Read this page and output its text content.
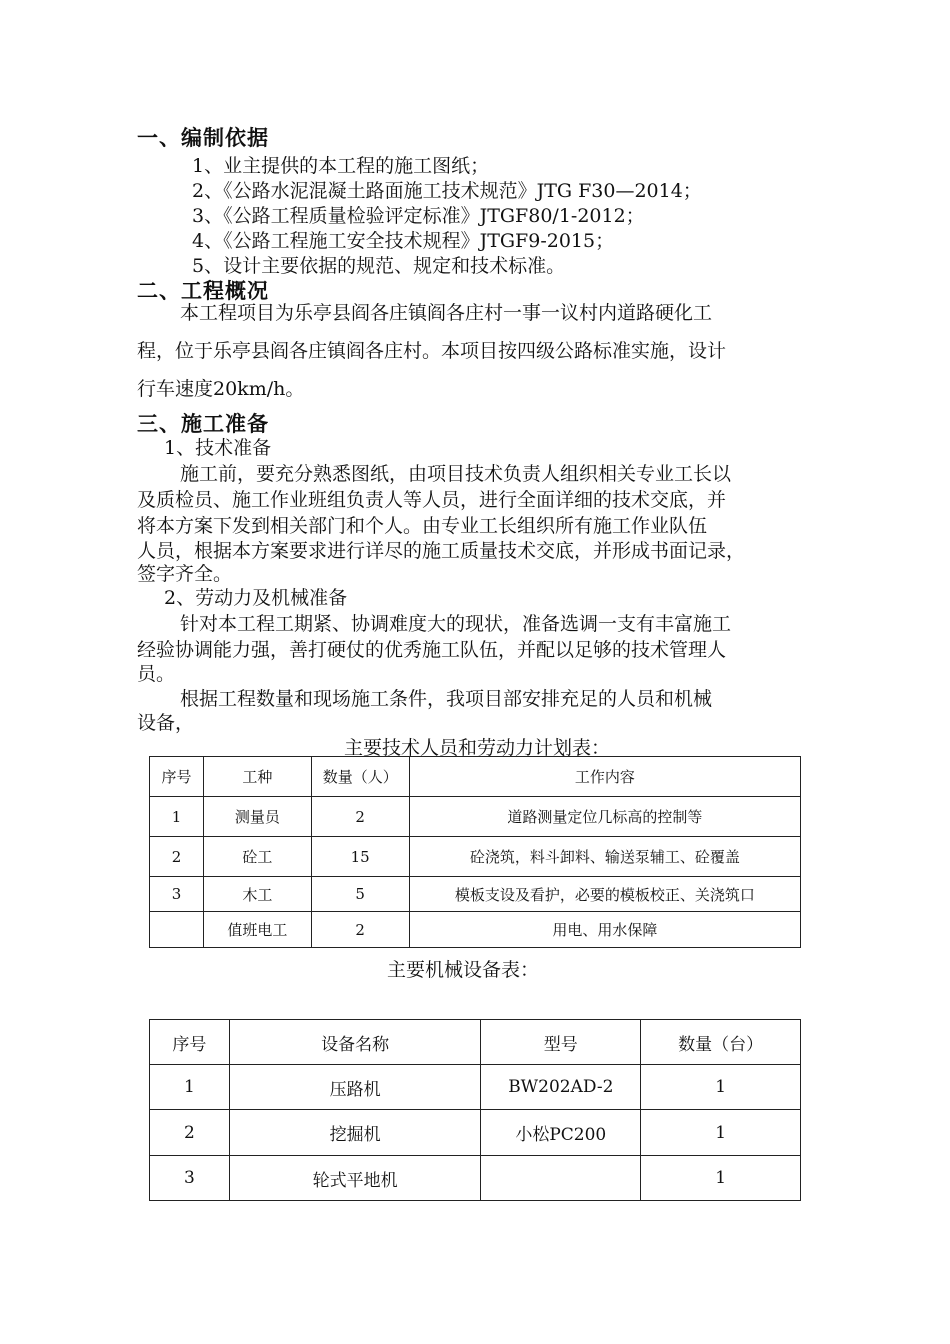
一、编制依据
1、业主提供的本工程的施工图纸；
2、《公路水泥混凝土路面施工技术规范》JTG F30—2014；
3、《公路工程质量检验评定标准》JTGF80/1-2012；
4、《公路工程施工安全技术规程》JTGF9-2015；
5、设计主要依据的规范、规定和技术标准。
二、工程概况
本工程项目为乐亭县阎各庄镇阎各庄村一事一议村内道路硬化工
程，位于乐亭县阎各庄镇阎各庄村。本项目按四级公路标准实施，设计
行车速度20km/h。
三、施工准备
1、技术准备
施工前，要充分熟悉图纸，由项目技术负责人组织相关专业工长以
及质检员、施工作业班组负责人等人员，进行全面详细的技术交底，并
将本方案下发到相关部门和个人。由专业工长组织所有施工作业队伍
人员，根据本方案要求进行详尽的施工质量技术交底，并形成书面记录，
签字齐全。
2、劳动力及机械准备
针对本工程工期紧、协调难度大的现状，准备选调一支有丰富施工
经验协调能力强，善打硬仗的优秀施工队伍，并配以足够的技术管理人
员。
根据工程数量和现场施工条件，我项目部安排充足的人员和机械
设备，
主要技术人员和劳动力计划表：
序号	工种	数量（人）	工作内容
1	测量员	2	道路测量定位几标高的控制等
2	砼工	15	砼浇筑，料斗卸料、输送泵辅工、砼覆盖
3	木工	5	模板支设及看护，必要的模板校正、关浇筑口
	值班电工	2	用电、用水保障
主要机械设备表：
序号	设备名称	型号	数量（台）
1	压路机	BW202AD-2	1
2	挖掘机	小松PC200	1
3	轮式平地机		1
